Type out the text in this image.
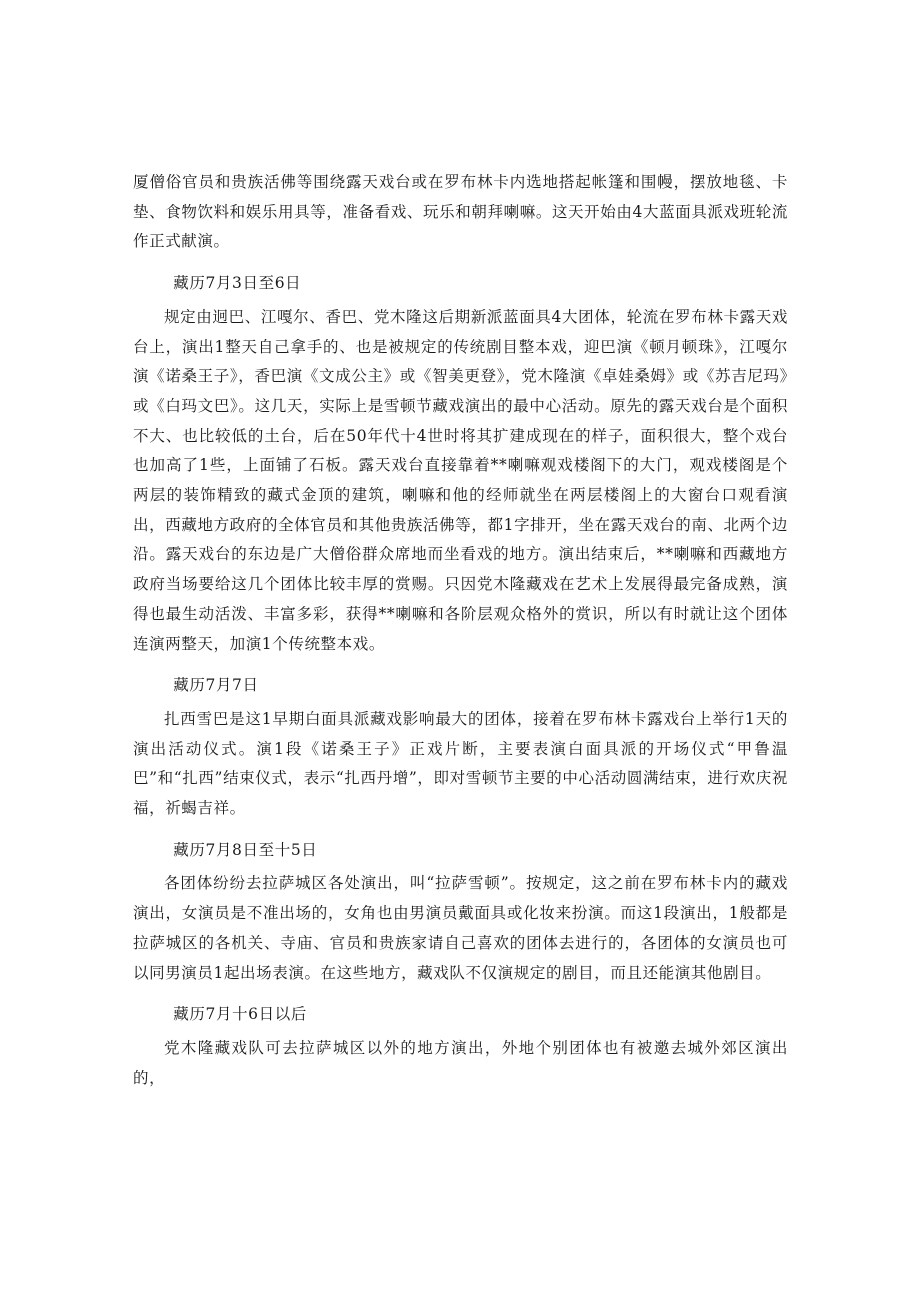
厦僧俗官员和贵族活佛等围绕露天戏台或在罗布林卡内选地搭起帐篷和围幔，摆放地毯、卡垫、食物饮料和娱乐用具等，准备看戏、玩乐和朝拜喇嘛。这天开始由4大蓝面具派戏班轮流作正式献演。

藏历7月3日至6日

规定由迥巴、江嘎尔、香巴、党木隆这后期新派蓝面具4大团体，轮流在罗布林卡露天戏台上，演出1整天自己拿手的、也是被规定的传统剧目整本戏，迎巴演《顿月顿珠》，江嘎尔演《诺桑王子》，香巴演《文成公主》或《智美更登》，党木隆演《卓娃桑姆》或《苏吉尼玛》或《白玛文巴》。这几天，实际上是雪顿节藏戏演出的最中心活动。原先的露天戏台是个面积不大、也比较低的土台，后在50年代十4世时将其扩建成现在的样子，面积很大，整个戏台也加高了1些，上面铺了石板。露天戏台直接靠着**喇嘛观戏楼阁下的大门，观戏楼阁是个两层的装饰精致的藏式金顶的建筑，喇嘛和他的经师就坐在两层楼阁上的大窗台口观看演出，西藏地方政府的全体官员和其他贵族活佛等，都1字排开，坐在露天戏台的南、北两个边沿。露天戏台的东边是广大僧俗群众席地而坐看戏的地方。演出结束后，**喇嘛和西藏地方政府当场要给这几个团体比较丰厚的赏赐。只因党木隆藏戏在艺术上发展得最完备成熟，演得也最生动活泼、丰富多彩，获得**喇嘛和各阶层观众格外的赏识，所以有时就让这个团体连演两整天，加演1个传统整本戏。

藏历7月7日

扎西雪巴是这1早期白面具派藏戏影响最大的团体，接着在罗布林卡露戏台上举行1天的演出活动仪式。演1段《诺桑王子》正戏片断，主要表演白面具派的开场仪式“甲鲁温巴”和“扎西”结束仪式，表示“扎西丹增”，即对雪顿节主要的中心活动圆满结束，进行欢庆祝福，祈蝎吉祥。

藏历7月8日至十5日

各团体纷纷去拉萨城区各处演出，叫“拉萨雪顿”。按规定，这之前在罗布林卡内的藏戏演出，女演员是不准出场的，女角也由男演员戴面具或化妆来扮演。而这1段演出，1般都是拉萨城区的各机关、寺庙、官员和贵族家请自己喜欢的团体去进行的，各团体的女演员也可以同男演员1起出场表演。在这些地方，藏戏队不仅演规定的剧目，而且还能演其他剧目。

藏历7月十6日以后

党木隆藏戏队可去拉萨城区以外的地方演出，外地个别团体也有被邀去城外郊区演出的，
